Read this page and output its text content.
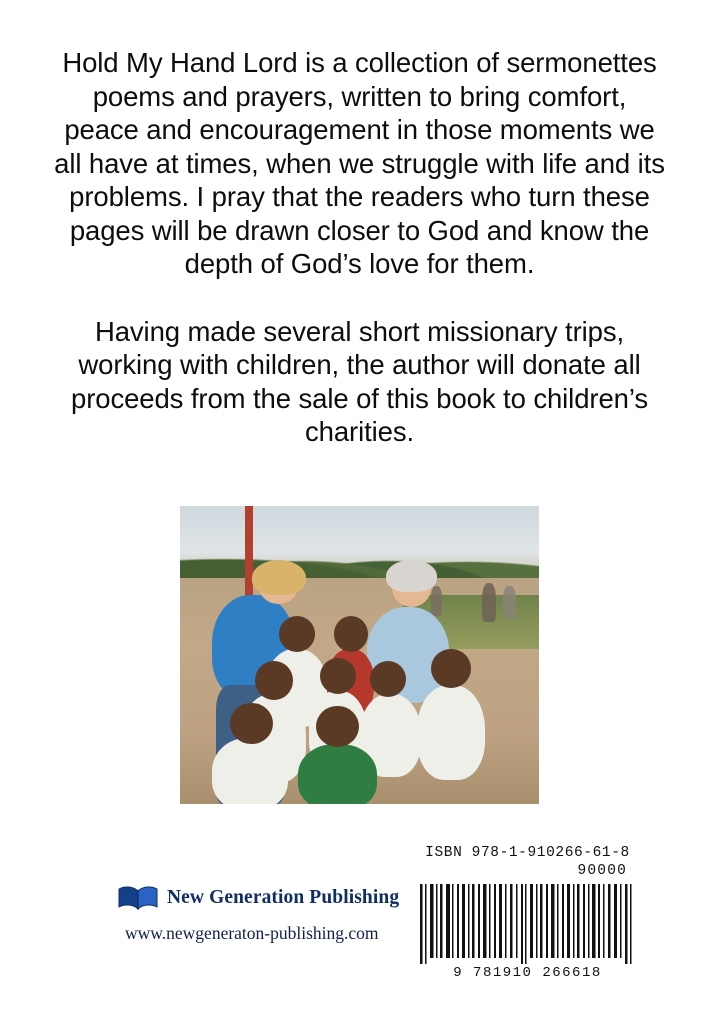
Hold My Hand Lord is a collection of sermonettes poems and prayers, written to bring comfort, peace and encouragement in those moments we all have at times, when we struggle with life and its problems. I pray that the readers who turn these pages will be drawn closer to God and know the depth of God’s love for them.

Having made several short missionary trips, working with children, the author will donate all proceeds from the sale of this book to children’s charities.

New Generation Publishing
www.newgeneraton-publishing.com
ISBN 978-1-910266-61-8
90000
9 781910 266618
